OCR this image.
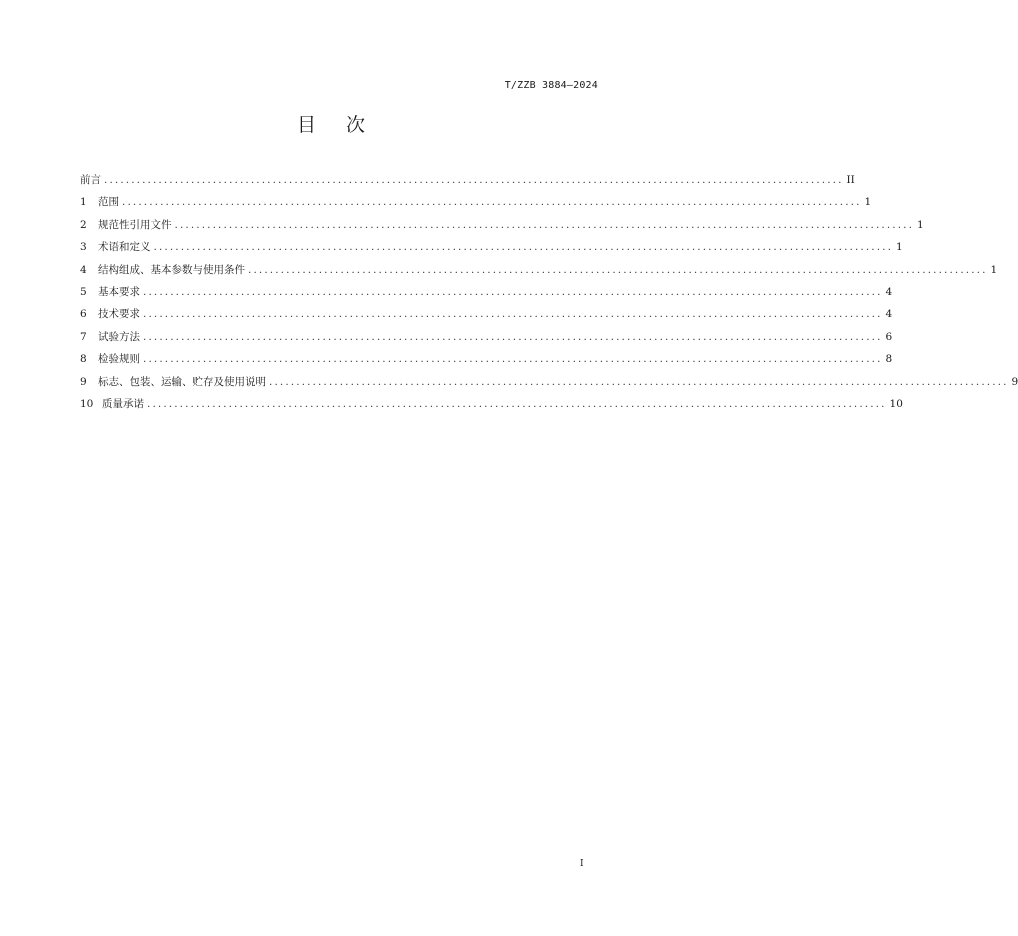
T/ZZB 3884—2024
目次
前言 ........................................................................................................................................ II
1	范围 ........................................................................................................................................ 1
2	规范性引用文件 ........................................................................................................................................ 1
3	术语和定义 ........................................................................................................................................ 1
4	结构组成、基本参数与使用条件 ........................................................................................................................................ 1
5	基本要求 ........................................................................................................................................ 4
6	技术要求 ........................................................................................................................................ 4
7	试验方法 ........................................................................................................................................ 6
8	检验规则 ........................................................................................................................................ 8
9	标志、包装、运输、贮存及使用说明 ........................................................................................................................................ 9
10 质量承诺 ........................................................................................................................................ 10
I
